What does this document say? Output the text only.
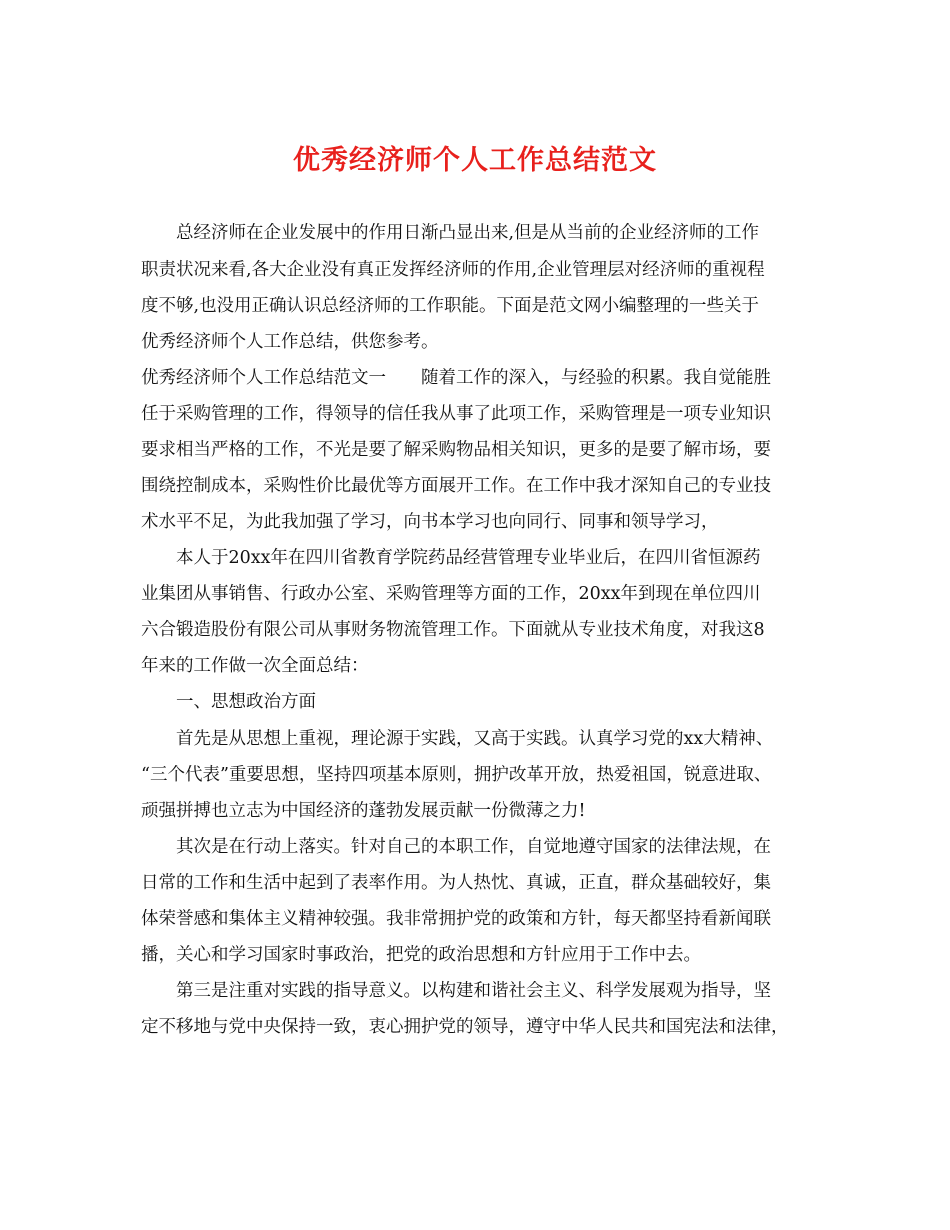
优秀经济师个人工作总结范文
总经济师在企业发展中的作用日渐凸显出来,但是从当前的企业经济师的工作
职责状况来看,各大企业没有真正发挥经济师的作用,企业管理层对经济师的重视程
度不够,也没用正确认识总经济师的工作职能。下面是范文网小编整理的一些关于
优秀经济师个人工作总结，供您参考。
优秀经济师个人工作总结范文一　　随着工作的深入，与经验的积累。我自觉能胜
任于采购管理的工作，得领导的信任我从事了此项工作，采购管理是一项专业知识
要求相当严格的工作，不光是要了解采购物品相关知识，更多的是要了解市场，要
围绕控制成本，采购性价比最优等方面展开工作。在工作中我才深知自己的专业技
术水平不足，为此我加强了学习，向书本学习也向同行、同事和领导学习，
本人于20xx年在四川省教育学院药品经营管理专业毕业后，在四川省恒源药
业集团从事销售、行政办公室、采购管理等方面的工作，20xx年到现在单位四川
六合锻造股份有限公司从事财务物流管理工作。下面就从专业技术角度，对我这8
年来的工作做一次全面总结：
一、思想政治方面
首先是从思想上重视，理论源于实践，又高于实践。认真学习党的xx大精神、
“三个代表”重要思想，坚持四项基本原则，拥护改革开放，热爱祖国，锐意进取、
顽强拼搏也立志为中国经济的蓬勃发展贡献一份微薄之力!
其次是在行动上落实。针对自己的本职工作，自觉地遵守国家的法律法规，在
日常的工作和生活中起到了表率作用。为人热忱、真诚，正直，群众基础较好，集
体荣誉感和集体主义精神较强。我非常拥护党的政策和方针，每天都坚持看新闻联
播，关心和学习国家时事政治，把党的政治思想和方针应用于工作中去。
第三是注重对实践的指导意义。以构建和谐社会主义、科学发展观为指导，坚
定不移地与党中央保持一致，衷心拥护党的领导，遵守中华人民共和国宪法和法律，
